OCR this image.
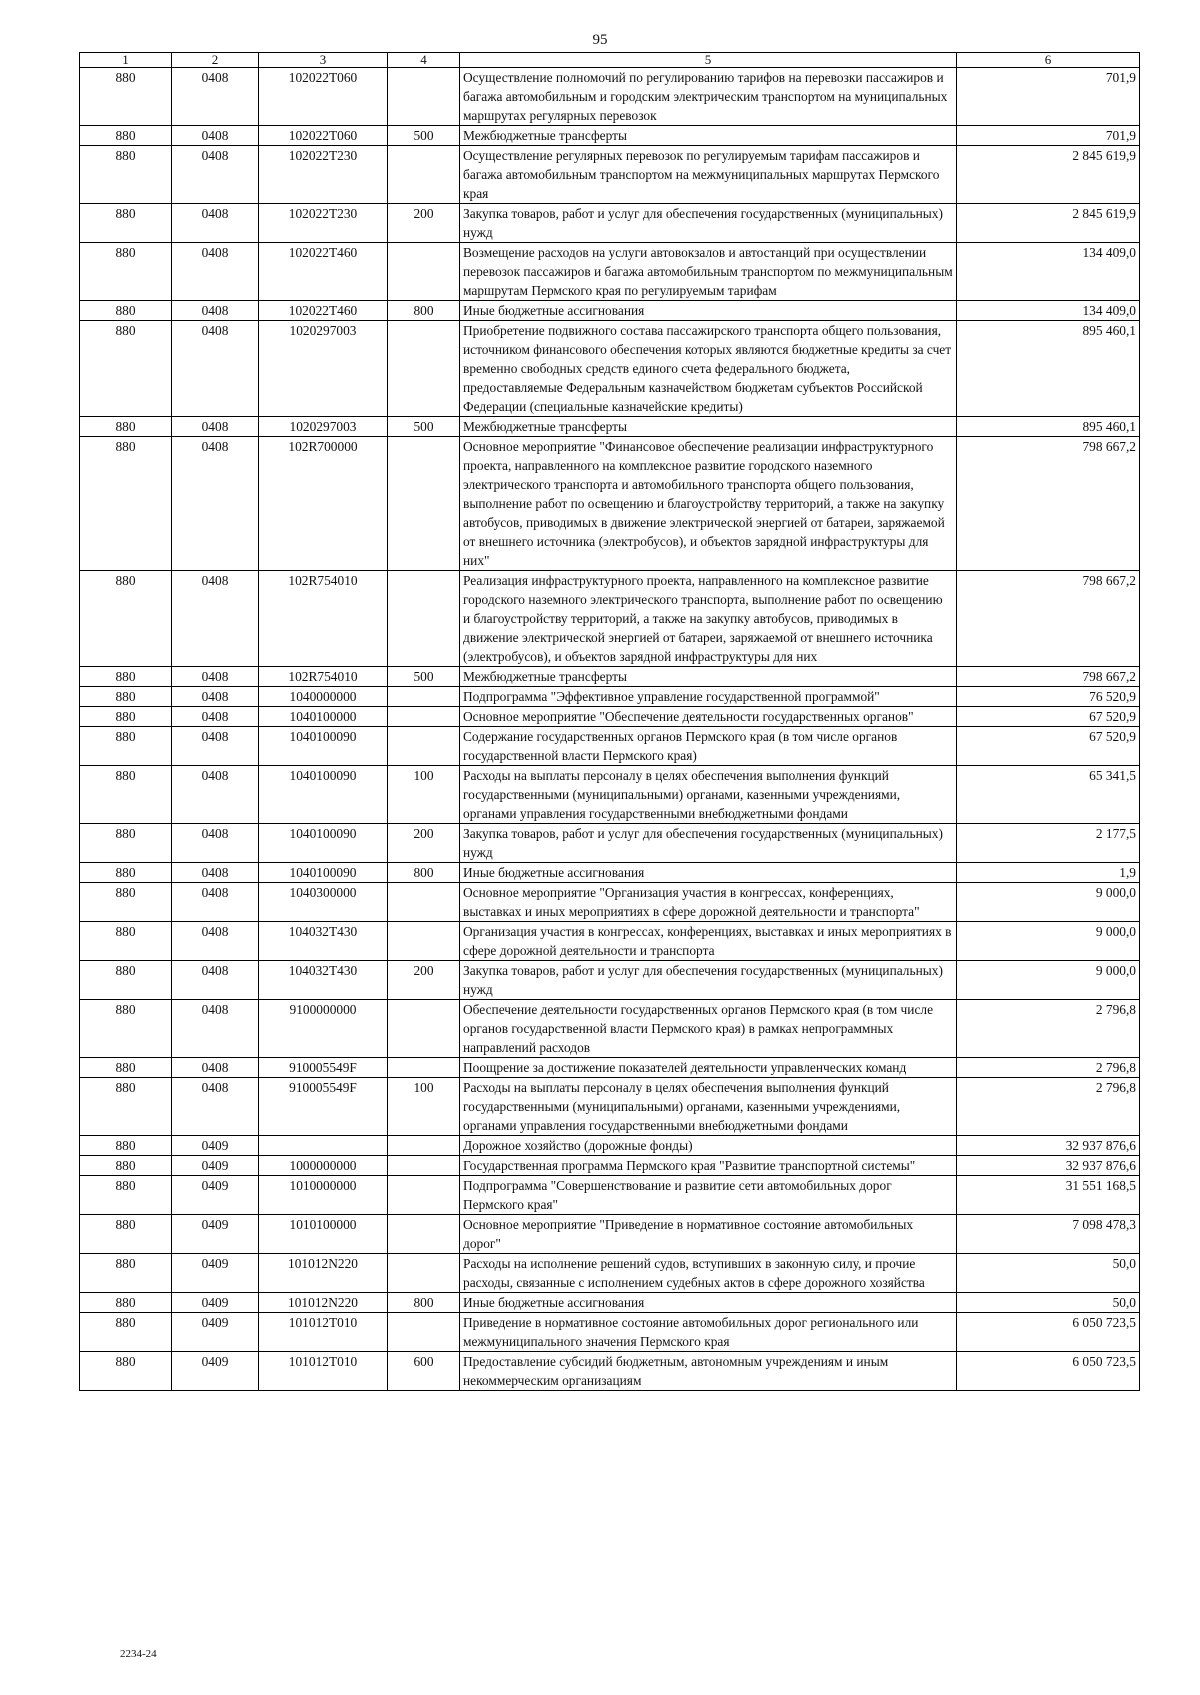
95
1	2	3	4	5	6
880	0408	102022T060		Осуществление полномочий по регулированию тарифов на перевозки пассажиров и багажа автомобильным и городским электрическим транспортом на муниципальных маршрутах регулярных перевозок	701,9
880	0408	102022T060	500	Межбюджетные трансферты	701,9
880	0408	102022T230		Осуществление регулярных перевозок по регулируемым тарифам пассажиров и багажа автомобильным транспортом на межмуниципальных маршрутах Пермского края	2 845 619,9
880	0408	102022T230	200	Закупка товаров, работ и услуг для обеспечения государственных (муниципальных) нужд	2 845 619,9
880	0408	102022T460		Возмещение расходов на услуги автовокзалов и автостанций при осуществлении перевозок пассажиров и багажа автомобильным транспортом по межмуниципальным маршрутам Пермского края по регулируемым тарифам	134 409,0
880	0408	102022T460	800	Иные бюджетные ассигнования	134 409,0
880	0408	1020297003		Приобретение подвижного состава пассажирского транспорта общего пользования, источником финансового обеспечения которых являются бюджетные кредиты за счет временно свободных средств единого счета федерального бюджета, предоставляемые Федеральным казначейством бюджетам субъектов Российской Федерации (специальные казначейские кредиты)	895 460,1
880	0408	1020297003	500	Межбюджетные трансферты	895 460,1
880	0408	102R700000		Основное мероприятие "Финансовое обеспечение реализации инфраструктурного проекта, направленного на комплексное развитие городского наземного электрического транспорта и автомобильного транспорта общего пользования, выполнение работ по освещению и благоустройству территорий, а также на закупку автобусов, приводимых в движение электрической энергией от батареи, заряжаемой от внешнего источника (электробусов), и объектов зарядной инфраструктуры для них"	798 667,2
880	0408	102R754010		Реализация инфраструктурного проекта, направленного на комплексное развитие городского наземного электрического транспорта, выполнение работ по освещению и благоустройству территорий, а также на закупку автобусов, приводимых в движение электрической энергией от батареи, заряжаемой от внешнего источника (электробусов), и объектов зарядной инфраструктуры для них	798 667,2
880	0408	102R754010	500	Межбюджетные трансферты	798 667,2
880	0408	1040000000		Подпрограмма "Эффективное управление государственной программой"	76 520,9
880	0408	1040100000		Основное мероприятие "Обеспечение деятельности государственных органов"	67 520,9
880	0408	1040100090		Содержание государственных органов Пермского края (в том числе органов государственной власти Пермского края)	67 520,9
880	0408	1040100090	100	Расходы на выплаты персоналу в целях обеспечения выполнения функций государственными (муниципальными) органами, казенными учреждениями, органами управления государственными внебюджетными фондами	65 341,5
880	0408	1040100090	200	Закупка товаров, работ и услуг для обеспечения государственных (муниципальных) нужд	2 177,5
880	0408	1040100090	800	Иные бюджетные ассигнования	1,9
880	0408	1040300000		Основное мероприятие "Организация участия в конгрессах, конференциях, выставках и иных мероприятиях в сфере дорожной деятельности и транспорта"	9 000,0
880	0408	104032T430		Организация участия в конгрессах, конференциях, выставках и иных мероприятиях в сфере дорожной деятельности и транспорта	9 000,0
880	0408	104032T430	200	Закупка товаров, работ и услуг для обеспечения государственных (муниципальных) нужд	9 000,0
880	0408	9100000000		Обеспечение деятельности государственных органов Пермского края (в том числе органов государственной власти Пермского края) в рамках непрограммных направлений расходов	2 796,8
880	0408	910005549F		Поощрение за достижение показателей деятельности управленческих команд	2 796,8
880	0408	910005549F	100	Расходы на выплаты персоналу в целях обеспечения выполнения функций государственными (муниципальными) органами, казенными учреждениями, органами управления государственными внебюджетными фондами	2 796,8
880	0409			Дорожное хозяйство (дорожные фонды)	32 937 876,6
880	0409	1000000000		Государственная программа Пермского края "Развитие транспортной системы"	32 937 876,6
880	0409	1010000000		Подпрограмма "Совершенствование и развитие сети автомобильных дорог Пермского края"	31 551 168,5
880	0409	1010100000		Основное мероприятие "Приведение в нормативное состояние автомобильных дорог"	7 098 478,3
880	0409	101012N220		Расходы на исполнение решений судов, вступивших в законную силу, и прочие расходы, связанные с исполнением судебных актов в сфере дорожного хозяйства	50,0
880	0409	101012N220	800	Иные бюджетные ассигнования	50,0
880	0409	101012T010		Приведение в нормативное состояние автомобильных дорог регионального или межмуниципального значения Пермского края	6 050 723,5
880	0409	101012T010	600	Предоставление субсидий бюджетным, автономным учреждениям и иным некоммерческим организациям	6 050 723,5
2234-24
